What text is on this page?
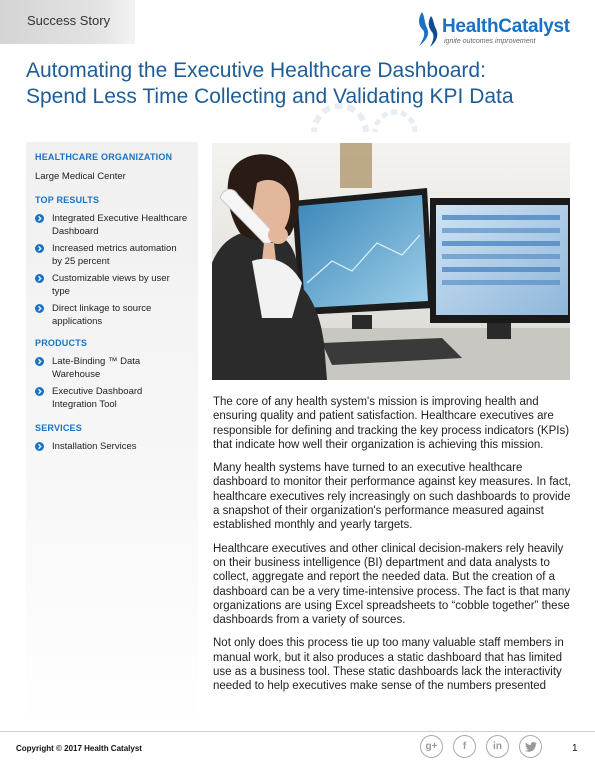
Success Story	HealthCatalyst
ignite outcomes improvement
Automating the Executive Healthcare Dashboard:
Spend Less Time Collecting and Validating KPI Data
HEALTHCARE ORGANIZATION
Large Medical Center
TOP RESULTS
Integrated Executive Healthcare Dashboard
Increased metrics automation by 25 percent
Customizable views by user type
Direct linkage to source applications
PRODUCTS
Late-Binding ™ Data Warehouse
Executive Dashboard Integration Tool
SERVICES
Installation Services

The core of any health system's mission is improving health and ensuring quality and patient satisfaction. Healthcare executives are responsible for defining and tracking the key process indicators (KPIs) that indicate how well their organization is achieving this mission.

Many health systems have turned to an executive healthcare dashboard to monitor their performance against key measures. In fact, healthcare executives rely increasingly on such dashboards to provide a snapshot of their organization's performance measured against established monthly and yearly targets.

Healthcare executives and other clinical decision-makers rely heavily on their business intelligence (BI) department and data analysts to collect, aggregate and report the needed data. But the creation of a dashboard can be a very time-intensive process. The fact is that many organizations are using Excel spreadsheets to “cobble together” these dashboards from a variety of sources.

Not only does this process tie up too many valuable staff members in manual work, but it also produces a static dashboard that has limited use as a business tool. These static dashboards lack the interactivity needed to help executives make sense of the numbers presented

Copyright © 2017 Health Catalyst	g+	f	in	1
